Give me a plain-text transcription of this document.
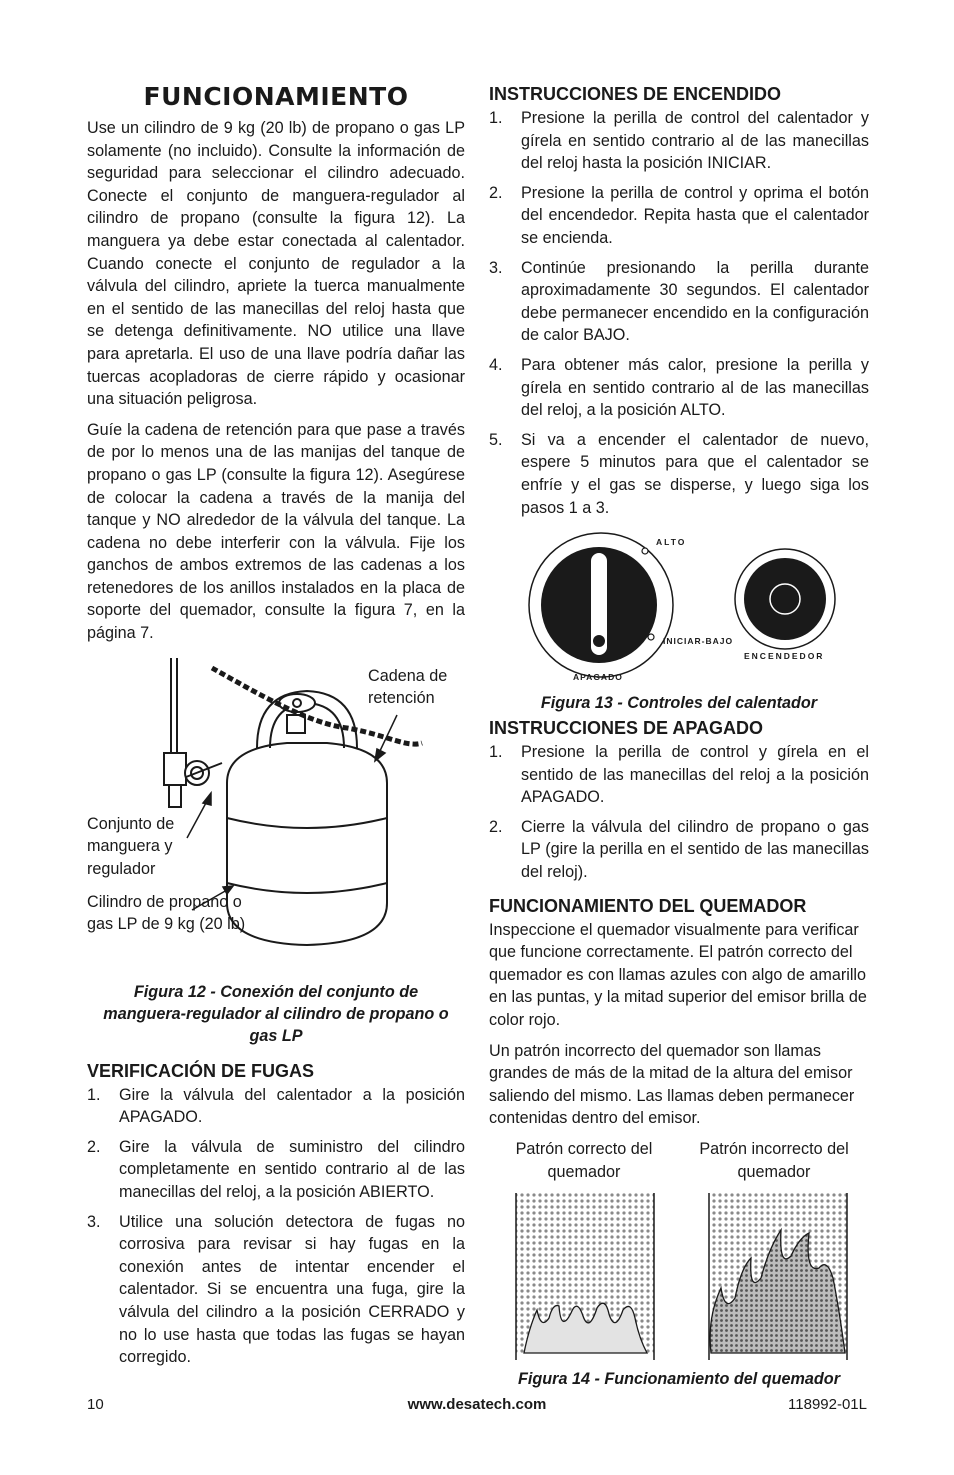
FUNCIONAMIENTO

Use un cilindro de 9 kg (20 lb) de propano o gas LP solamente (no incluido). Consulte la información de seguridad para seleccionar el cilindro adecuado. Conecte el conjunto de manguera-regulador al cilindro de propano (consulte la figura 12). La manguera ya debe estar conectada al calentador. Cuando conecte el conjunto de regulador a la válvula del cilindro, apriete la tuerca manualmente en el sentido de las manecillas del reloj hasta que se detenga definitivamente. NO utilice una llave para apretarla. El uso de una llave podría dañar las tuercas acopladoras de cierre rápido y ocasionar una situación peligrosa.

Guíe la cadena de retención para que pase a través de por lo menos una de las manijas del tanque de propano o gas LP (consulte la figura 12). Asegúrese de colocar la cadena a través de la manija del tanque y NO alrededor de la válvula del tanque. La cadena no debe interferir con la válvula. Fije los ganchos de ambos extremos de las cadenas a los retenedores de los anillos instalados en la placa de soporte del quemador, consulte la figura 7, en la página 7.

Cadena de retención
Conjunto de manguera y regulador
Cilindro de propano o gas LP de 9 kg (20 lb)
Figura 12 - Conexión del conjunto de manguera-regulador al cilindro de propano o gas LP
VERIFICACIÓN DE FUGAS
1. Gire la válvula del calentador a la posición APAGADO.
2. Gire la válvula de suministro del cilindro completamente en sentido contrario al de las manecillas del reloj, a la posición ABIERTO.
3. Utilice una solución detectora de fugas no corrosiva para revisar si hay fugas en la conexión antes de intentar encender el calentador. Si se encuentra una fuga, gire la válvula del cilindro a la posición CERRADO y no lo use hasta que todas las fugas se hayan corregido.
INSTRUCCIONES DE ENCENDIDO
1. Presione la perilla de control del calentador y gírela en sentido contrario al de las manecillas del reloj hasta la posición INICIAR.
2. Presione la perilla de control y oprima el botón del encendedor. Repita hasta que el calentador se encienda.
3. Continúe presionando la perilla durante aproximadamente 30 segundos. El calentador debe permanecer encendido en la configuración de calor BAJO.
4. Para obtener más calor, presione la perilla y gírela en sentido contrario al de las manecillas del reloj, a la posición ALTO.
5. Si va a encender el calentador de nuevo, espere 5 minutos para que el calentador se enfríe y el gas se disperse, y luego siga los pasos 1 a 3.
ALTO
INICIAR-BAJO
APAGADO
ENCENDEDOR
Figura 13 - Controles del calentador
INSTRUCCIONES DE APAGADO
1. Presione la perilla de control y gírela en el sentido de las manecillas del reloj a la posición APAGADO.
2. Cierre la válvula del cilindro de propano o gas LP (gire la perilla en el sentido de las manecillas del reloj).
FUNCIONAMIENTO DEL QUEMADOR

Inspeccione el quemador visualmente para verificar que funcione correctamente. El patrón correcto del quemador es con llamas azules con algo de amarillo en las puntas, y la mitad superior del emisor brilla de color rojo.

Un patrón incorrecto del quemador son llamas grandes de más de la mitad de la altura del emisor saliendo del mismo. Las llamas deben permanecer contenidas dentro del emisor.

Patrón correcto del quemador
Patrón incorrecto del quemador
Figura 14 - Funcionamiento del quemador
10	www.desatech.com	118992-01L
